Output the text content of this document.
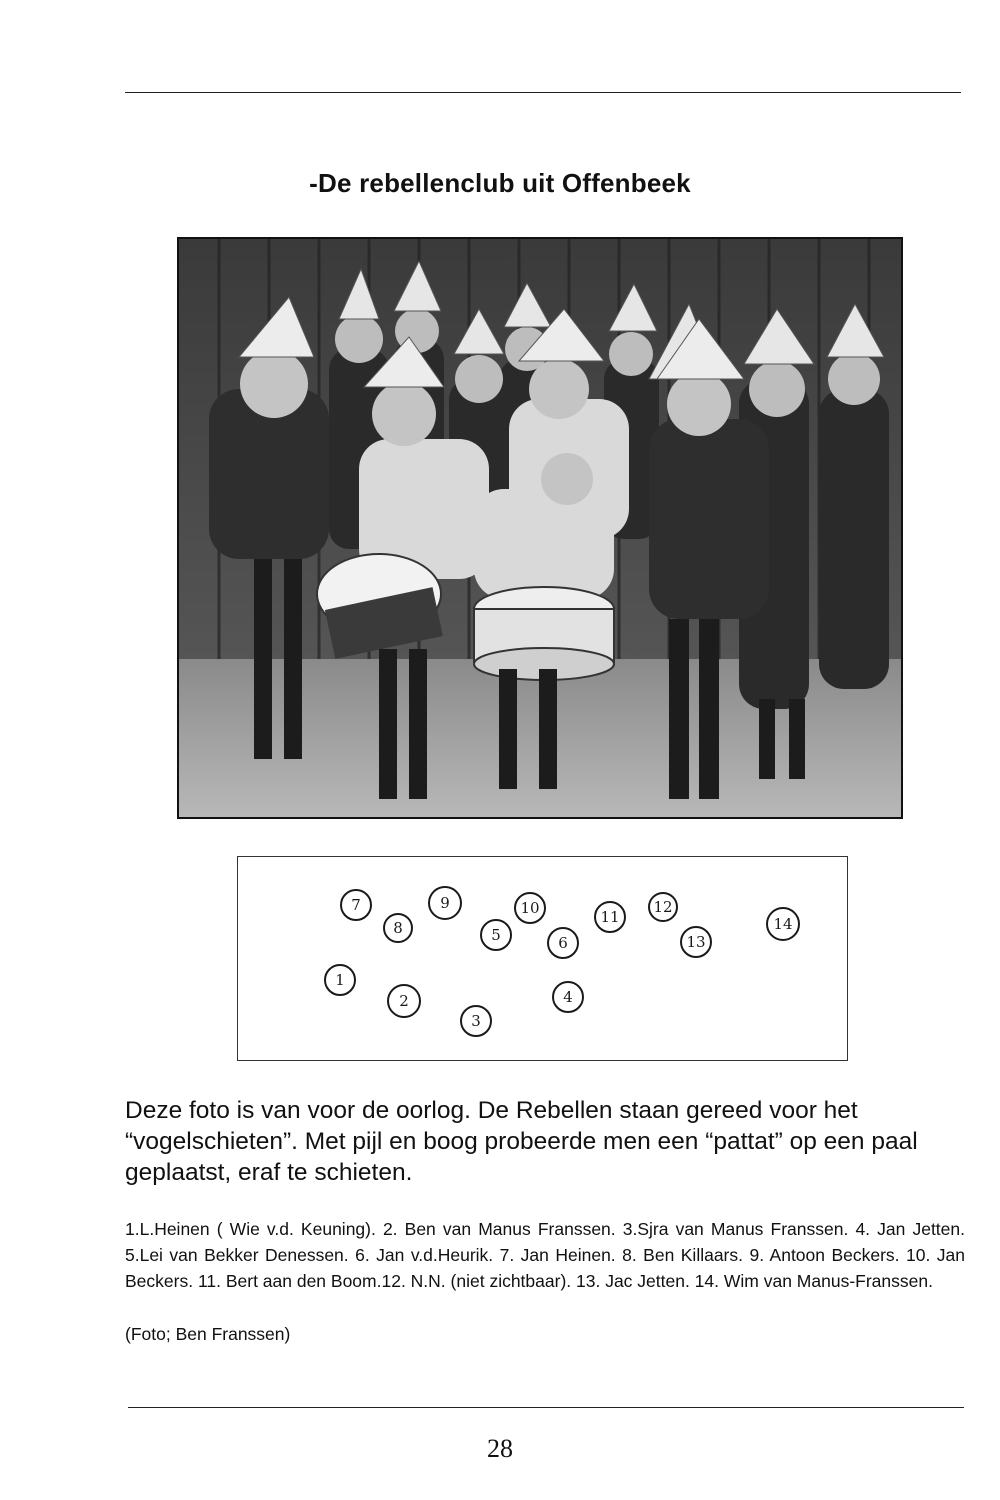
-De rebellenclub uit Offenbeek
7
8
9	10	11
12
13
14
5	6
1
2
3
4
Deze foto is van voor de oorlog. De Rebellen staan gereed voor het “vogelschieten”. Met pijl en boog probeerde men een “pattat” op een paal geplaatst, eraf te schieten.
1.L.Heinen ( Wie v.d. Keuning). 2. Ben van Manus Franssen. 3.Sjra van Manus Franssen. 4. Jan Jetten. 5.Lei van Bekker Denessen. 6. Jan v.d.Heurik. 7. Jan Heinen. 8. Ben Killaars. 9. Antoon Beckers. 10. Jan Beckers. 11. Bert aan den Boom.12. N.N. (niet zichtbaar). 13. Jac Jetten. 14. Wim van Manus-Franssen.
(Foto; Ben Franssen)
28
